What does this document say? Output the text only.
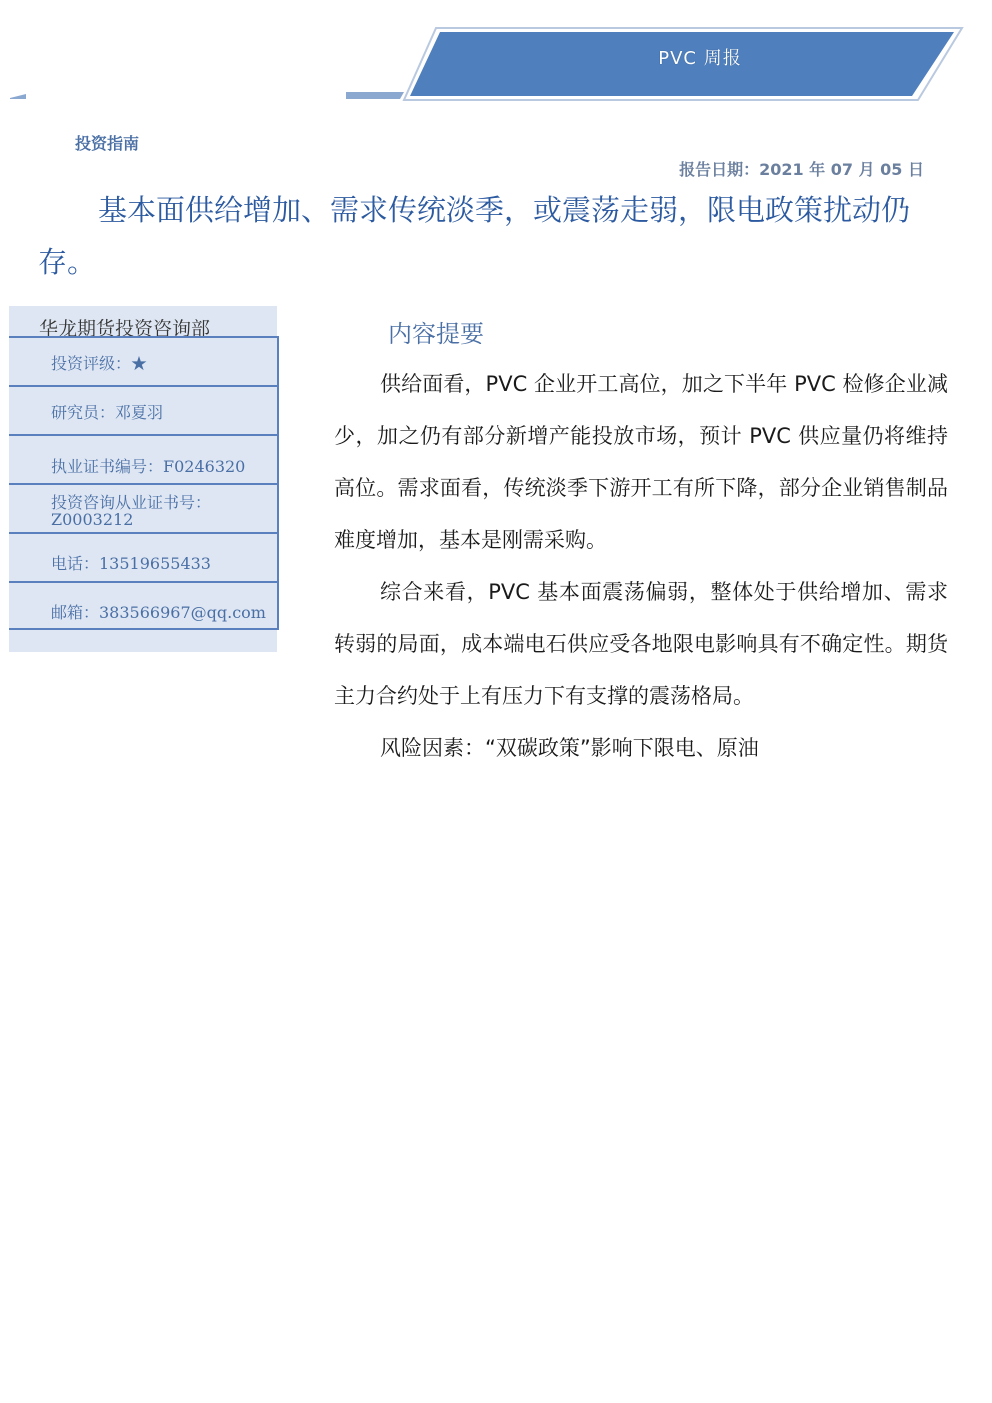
PVC 周报
投资指南
报告日期：2021 年 07 月 05 日
基本面供给增加、需求传统淡季，或震荡走弱，限电政策扰动仍存。
华龙期货投资咨询部
投资评级：★
研究员：邓夏羽
执业证书编号：F0246320
投资咨询从业证书号：Z0003212
电话：13519655433
邮箱：383566967@qq.com
内容提要

供给面看，PVC 企业开工高位，加之下半年 PVC 检修企业减少，加之仍有部分新增产能投放市场，预计 PVC 供应量仍将维持高位。需求面看，传统淡季下游开工有所下降，部分企业销售制品难度增加，基本是刚需采购。

综合来看，PVC 基本面震荡偏弱，整体处于供给增加、需求转弱的局面，成本端电石供应受各地限电影响具有不确定性。期货主力合约处于上有压力下有支撑的震荡格局。

风险因素：“双碳政策”影响下限电、原油
